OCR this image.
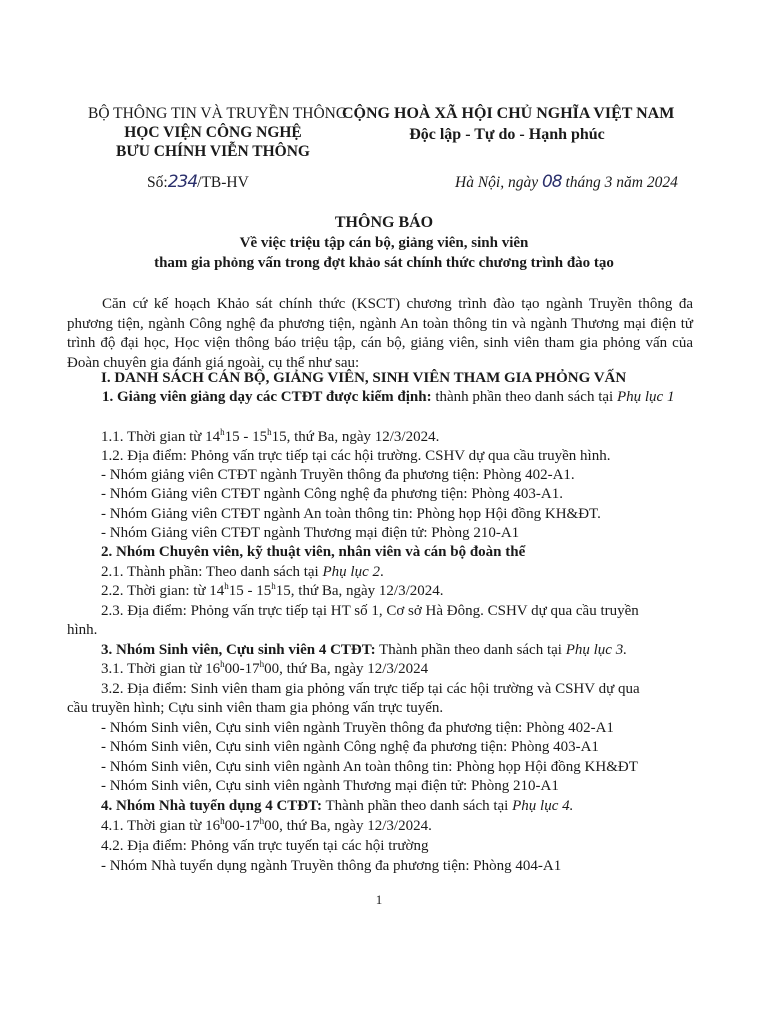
BỘ THÔNG TIN VÀ TRUYỀN THÔNG
HỌC VIỆN CÔNG NGHỆ
BƯU CHÍNH VIỄN THÔNG
Số:234/TB-HV
CỘNG HOÀ XÃ HỘI CHỦ NGHĨA VIỆT NAM
Độc lập - Tự do - Hạnh phúc
Hà Nội, ngày 08 tháng 3 năm 2024
THÔNG BÁO
Về việc triệu tập cán bộ, giảng viên, sinh viên
tham gia phỏng vấn trong đợt khảo sát chính thức chương trình đào tạo
Căn cứ kế hoạch Khảo sát chính thức (KSCT) chương trình đào tạo ngành Truyền thông đa phương tiện, ngành Công nghệ đa phương tiện, ngành An toàn thông tin và ngành Thương mại điện tử trình độ đại học, Học viện thông báo triệu tập, cán bộ, giảng viên, sinh viên tham gia phỏng vấn của Đoàn chuyên gia đánh giá ngoài, cụ thể như sau:
I. DANH SÁCH CÁN BỘ, GIẢNG VIÊN, SINH VIÊN THAM GIA PHỎNG VẤN
1. Giảng viên giảng dạy các CTĐT được kiểm định: thành phần theo danh sách tại Phụ lục 1
1.1. Thời gian từ 14$^h$15 - 15$^h$15, thứ Ba, ngày 12/3/2024.
1.2. Địa điểm: Phỏng vấn trực tiếp tại các hội trường. CSHV dự qua cầu truyền hình.
- Nhóm giảng viên CTĐT ngành Truyền thông đa phương tiện: Phòng 402-A1.
- Nhóm Giảng viên CTĐT ngành Công nghệ đa phương tiện: Phòng 403-A1.
- Nhóm Giảng viên CTĐT ngành An toàn thông tin: Phòng họp Hội đồng KH&ĐT.
- Nhóm Giảng viên CTĐT ngành Thương mại điện tử: Phòng 210-A1
2. Nhóm Chuyên viên, kỹ thuật viên, nhân viên và cán bộ đoàn thể
2.1. Thành phần: Theo danh sách tại Phụ lục 2.
2.2. Thời gian: từ 14$^h$15 - 15$^h$15, thứ Ba, ngày 12/3/2024.
2.3. Địa điểm: Phỏng vấn trực tiếp tại HT số 1, Cơ sở Hà Đông. CSHV dự qua cầu truyền
hình.
3. Nhóm Sinh viên, Cựu sinh viên 4 CTĐT: Thành phần theo danh sách tại Phụ lục 3.
3.1. Thời gian từ 16$^h$00-17$^h$00, thứ Ba, ngày 12/3/2024
3.2. Địa điểm: Sinh viên tham gia phỏng vấn trực tiếp tại các hội trường và CSHV dự qua
cầu truyền hình; Cựu sinh viên tham gia phỏng vấn trực tuyến.
- Nhóm Sinh viên, Cựu sinh viên ngành Truyền thông đa phương tiện: Phòng 402-A1
- Nhóm Sinh viên, Cựu sinh viên ngành Công nghệ đa phương tiện: Phòng 403-A1
- Nhóm Sinh viên, Cựu sinh viên ngành An toàn thông tin: Phòng họp Hội đồng KH&ĐT
- Nhóm Sinh viên, Cựu sinh viên ngành Thương mại điện tử: Phòng 210-A1
4. Nhóm Nhà tuyển dụng 4 CTĐT: Thành phần theo danh sách tại Phụ lục 4.
4.1. Thời gian từ 16$^h$00-17$^h$00, thứ Ba, ngày 12/3/2024.
4.2. Địa điểm: Phỏng vấn trực tuyến tại các hội trường
- Nhóm Nhà tuyển dụng ngành Truyền thông đa phương tiện: Phòng 404-A1
1
